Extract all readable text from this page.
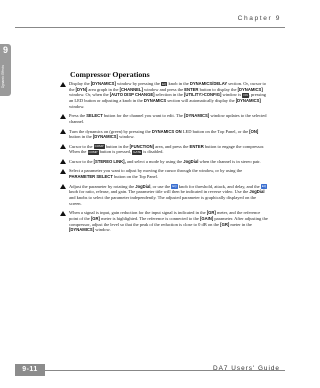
9
Dynamic Effects
Chapter 9
Compressor Operations
Display the [DYNAMICS] window by pressing the EQ knob in the DYNAMICS/DELAY section. Or, cursor to the [DYN] area graph in the [CHANNEL] window and press the ENTER button to display the [DYNAMICS] window. Or, when the [AUTO DISP CHANGE] selection in the [UTILITY>CONFIG] window is ON, pressing an LED button or adjusting a knob in the DYNAMICS section will automatically display the [DYNAMICS] window.
Press the SELECT button for the channel you want to edit. The [DYNAMICS] window updates to the selected channel.
Turn the dynamics on (green) by pressing the DYNAMICS ON LED button on the Top Panel, or the [ON] button in the [DYNAMICS] window.
Cursor to the COMP button in the [FUNCTION] area, and press the ENTER button to engage the compressor. When the COMP button is pressed, GATE is disabled.
Cursor to the [STEREO LINK], and select a mode by using the JogDial when the channel is in stereo pair.
Select a parameter you want to adjust by moving the cursor through the window, or by using the PARAMETER SELECT button on the Top Panel.
Adjust the parameter by rotating the JogDial, or use the EQ knob for threshold, attack, and delay, and the EQ knob for ratio, release, and gain. The parameter title will then be indicated in reverse video. Use the JogDial and knobs to select the parameter independently. The adjusted parameter is graphically displayed on the screen.
When a signal is input, gain reduction for the input signal is indicated in the [GR] meter, and the reference point of the [GR] meter is highlighted. The reference is connected to the [GAIN] parameter. After adjusting the compressor, adjust the level so that the peak of the reduction is close to 0 dB on the [GR] meter in the [DYNAMICS] window.
9-11	DA7 Users' Guide
